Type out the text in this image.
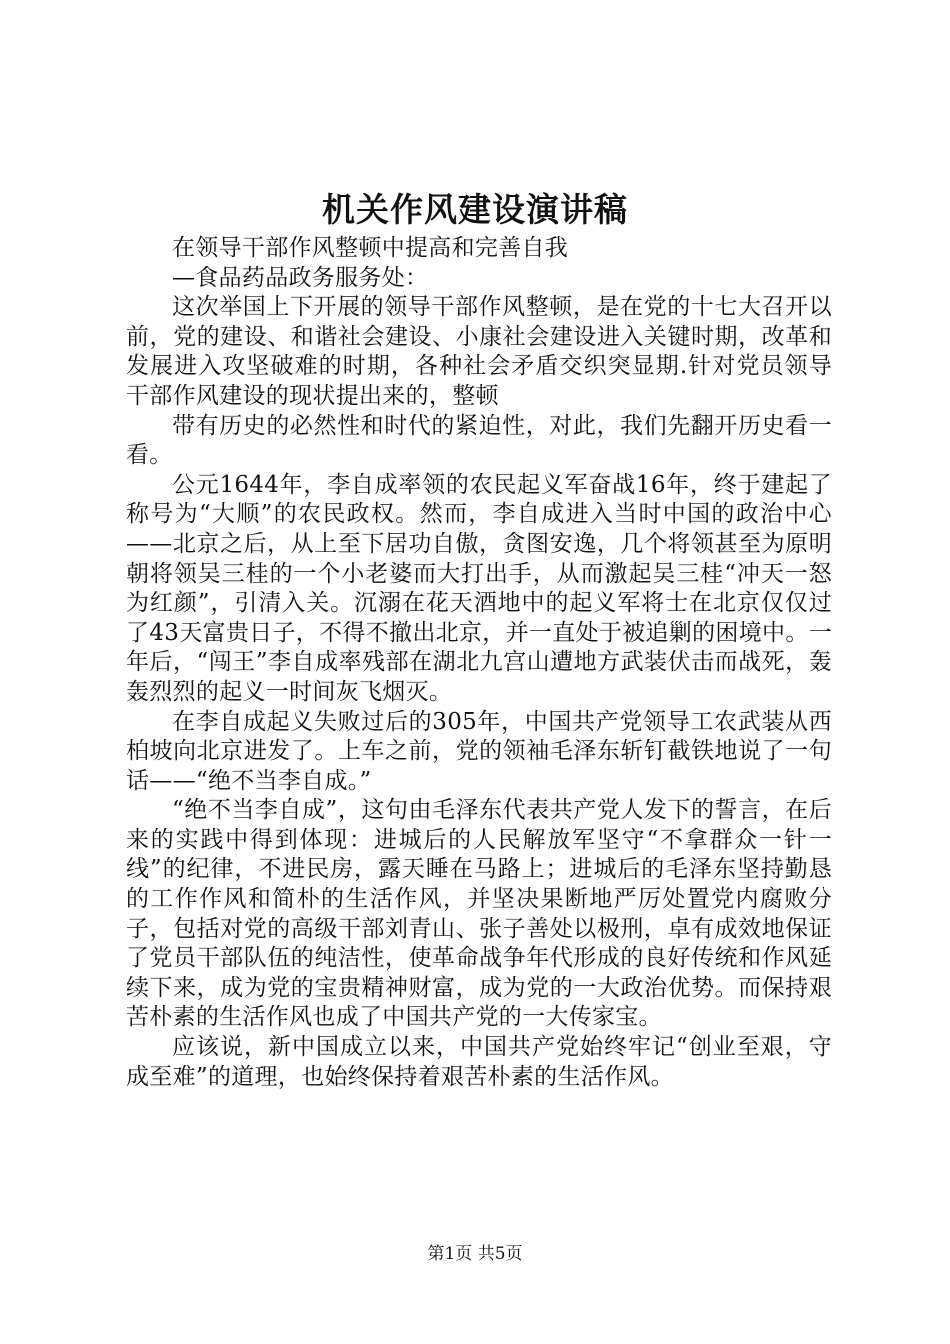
机关作风建设演讲稿

在领导干部作风整顿中提高和完善自我

—食品药品政务服务处：

这次举国上下开展的领导干部作风整顿，是在党的十七大召开以前，党的建设、和谐社会建设、小康社会建设进入关键时期，改革和发展进入攻坚破难的时期，各种社会矛盾交织突显期.针对党员领导干部作风建设的现状提出来的，整顿

带有历史的必然性和时代的紧迫性，对此，我们先翻开历史看一看。

公元1644年，李自成率领的农民起义军奋战16年，终于建起了称号为“大顺”的农民政权。然而，李自成进入当时中国的政治中心——北京之后，从上至下居功自傲，贪图安逸，几个将领甚至为原明朝将领吴三桂的一个小老婆而大打出手，从而激起吴三桂“冲天一怒为红颜”，引清入关。沉溺在花天酒地中的起义军将士在北京仅仅过了43天富贵日子，不得不撤出北京，并一直处于被追剿的困境中。一年后，“闯王”李自成率残部在湖北九宫山遭地方武装伏击而战死，轰轰烈烈的起义一时间灰飞烟灭。

在李自成起义失败过后的305年，中国共产党领导工农武装从西柏坡向北京进发了。上车之前，党的领袖毛泽东斩钉截铁地说了一句话——“绝不当李自成。”

“绝不当李自成”，这句由毛泽东代表共产党人发下的誓言，在后来的实践中得到体现：进城后的人民解放军坚守“不拿群众一针一线”的纪律，不进民房，露天睡在马路上；进城后的毛泽东坚持勤恳的工作作风和简朴的生活作风，并坚决果断地严厉处置党内腐败分子，包括对党的高级干部刘青山、张子善处以极刑，卓有成效地保证了党员干部队伍的纯洁性，使革命战争年代形成的良好传统和作风延续下来，成为党的宝贵精神财富，成为党的一大政治优势。而保持艰苦朴素的生活作风也成了中国共产党的一大传家宝。

应该说，新中国成立以来，中国共产党始终牢记“创业至艰，守成至难”的道理，也始终保持着艰苦朴素的生活作风。

第1页 共5页
